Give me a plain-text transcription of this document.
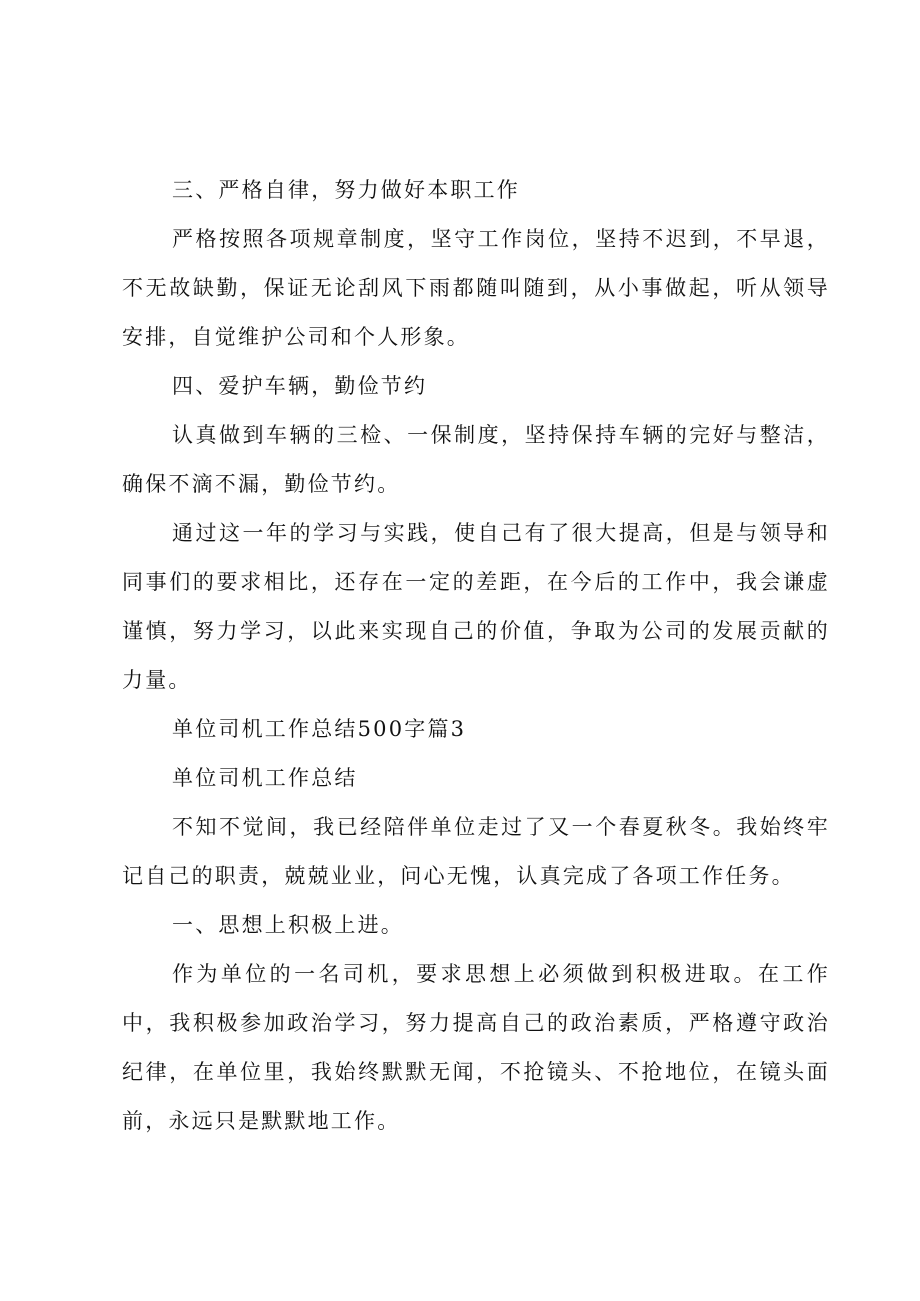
三、严格自律，努力做好本职工作

严格按照各项规章制度，坚守工作岗位，坚持不迟到，不早退，不无故缺勤，保证无论刮风下雨都随叫随到，从小事做起，听从领导安排，自觉维护公司和个人形象。

四、爱护车辆，勤俭节约

认真做到车辆的三检、一保制度，坚持保持车辆的完好与整洁，确保不滴不漏，勤俭节约。

通过这一年的学习与实践，使自己有了很大提高，但是与领导和同事们的要求相比，还存在一定的差距，在今后的工作中，我会谦虚谨慎，努力学习，以此来实现自己的价值，争取为公司的发展贡献的力量。

单位司机工作总结500字篇3

单位司机工作总结

不知不觉间，我已经陪伴单位走过了又一个春夏秋冬。我始终牢记自己的职责，兢兢业业，问心无愧，认真完成了各项工作任务。

一、思想上积极上进。

作为单位的一名司机，要求思想上必须做到积极进取。在工作中，我积极参加政治学习，努力提高自己的政治素质，严格遵守政治纪律，在单位里，我始终默默无闻，不抢镜头、不抢地位，在镜头面前，永远只是默默地工作。
